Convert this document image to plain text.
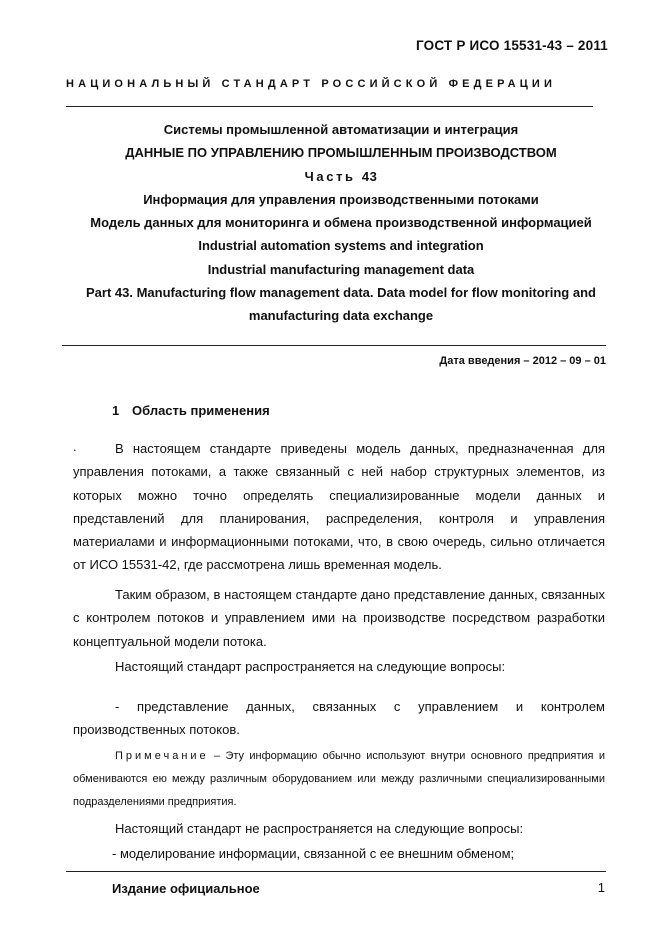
ГОСТ Р ИСО 15531-43 – 2011
НАЦИОНАЛЬНЫЙ СТАНДАРТ РОССИЙСКОЙ ФЕДЕРАЦИИ
Системы промышленной автоматизации и интеграция
ДАННЫЕ ПО УПРАВЛЕНИЮ ПРОМЫШЛЕННЫМ ПРОИЗВОДСТВОМ
Часть 43
Информация для управления производственными потоками
Модель данных для мониторинга и обмена производственной информацией
Industrial automation systems and integration
Industrial manufacturing management data
Part 43. Manufacturing flow management data. Data model for flow monitoring and
manufacturing data exchange
Дата введения – 2012 – 09 – 01
1 Область применения
.	В настоящем стандарте приведены модель данных, предназначенная для управления потоками, а также связанный с ней набор структурных элементов, из которых можно точно определять специализированные модели данных и представлений для планирования, распределения, контроля и управления материалами и информационными потоками, что, в свою очередь, сильно отличается от ИСО 15531-42, где рассмотрена лишь временная модель.
Таким образом, в настоящем стандарте дано представление данных, связанных с контролем потоков и управлением ими на производстве посредством разработки концептуальной модели потока.
Настоящий стандарт распространяется на следующие вопросы:
- представление данных, связанных с управлением и контролем производственных потоков.
Примечание – Эту информацию обычно используют внутри основного предприятия и обмениваются ею между различным оборудованием или между различными специализированными подразделениями предприятия.
Настоящий стандарт не распространяется на следующие вопросы:
- моделирование информации, связанной с ее внешним обменом;
Издание официальное	1
